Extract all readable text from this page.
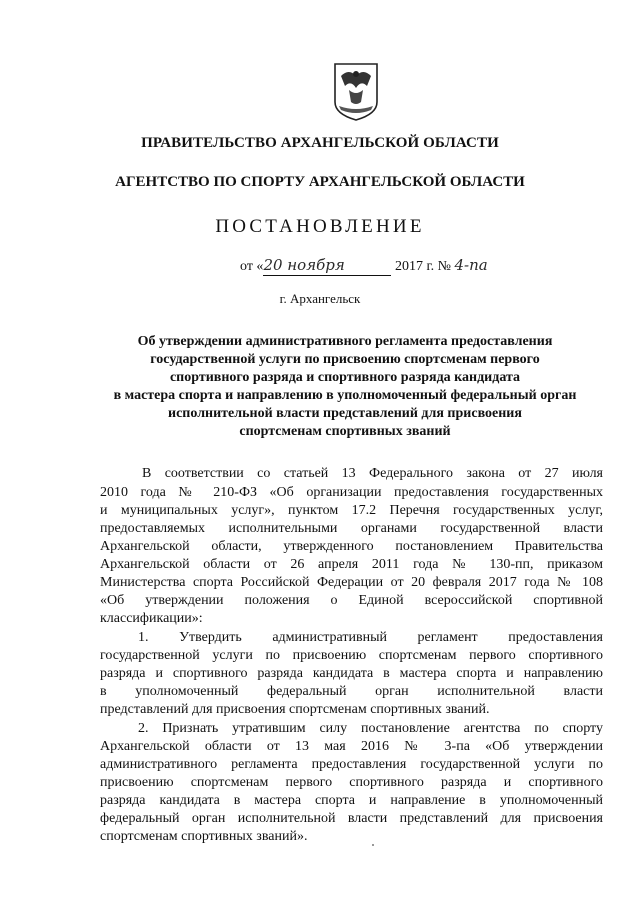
ПРАВИТЕЛЬСТВО АРХАНГЕЛЬСКОЙ ОБЛАСТИ
АГЕНТСТВО ПО СПОРТУ АРХАНГЕЛЬСКОЙ ОБЛАСТИ
ПОСТАНОВЛЕНИЕ
от «20 ноября	2017 г. № 4-па
г. Архангельск
Об утверждении административного регламента предоставления
государственной услуги по присвоению спортсменам первого
спортивного разряда и спортивного разряда кандидата
в мастера спорта и направлению в уполномоченный федеральный орган
исполнительной власти представлений для присвоения
спортсменам спортивных званий
В соответствии со статьей 13 Федерального закона от 27 июля
2010 года № 210-ФЗ «Об организации предоставления государственных
и муниципальных услуг», пунктом 17.2 Перечня государственных услуг,
предоставляемых исполнительными органами государственной власти
Архангельской области, утвержденного постановлением Правительства
Архангельской области от 26 апреля 2011 года № 130-пп, приказом
Министерства спорта Российской Федерации от 20 февраля 2017 года № 108
«Об утверждении положения о Единой всероссийской спортивной
классификации»:
1. Утвердить административный регламент предоставления
государственной услуги по присвоению спортсменам первого спортивного
разряда и спортивного разряда кандидата в мастера спорта и направлению
в уполномоченный федеральный орган исполнительной власти
представлений для присвоения спортсменам спортивных званий.
2. Признать утратившим силу постановление агентства по спорту
Архангельской области от 13 мая 2016 № 3-па «Об утверждении
административного регламента предоставления государственной услуги по
присвоению спортсменам первого спортивного разряда и спортивного
разряда кандидата в мастера спорта и направление в уполномоченный
федеральный орган исполнительной власти представлений для присвоения
спортсменам спортивных званий».
